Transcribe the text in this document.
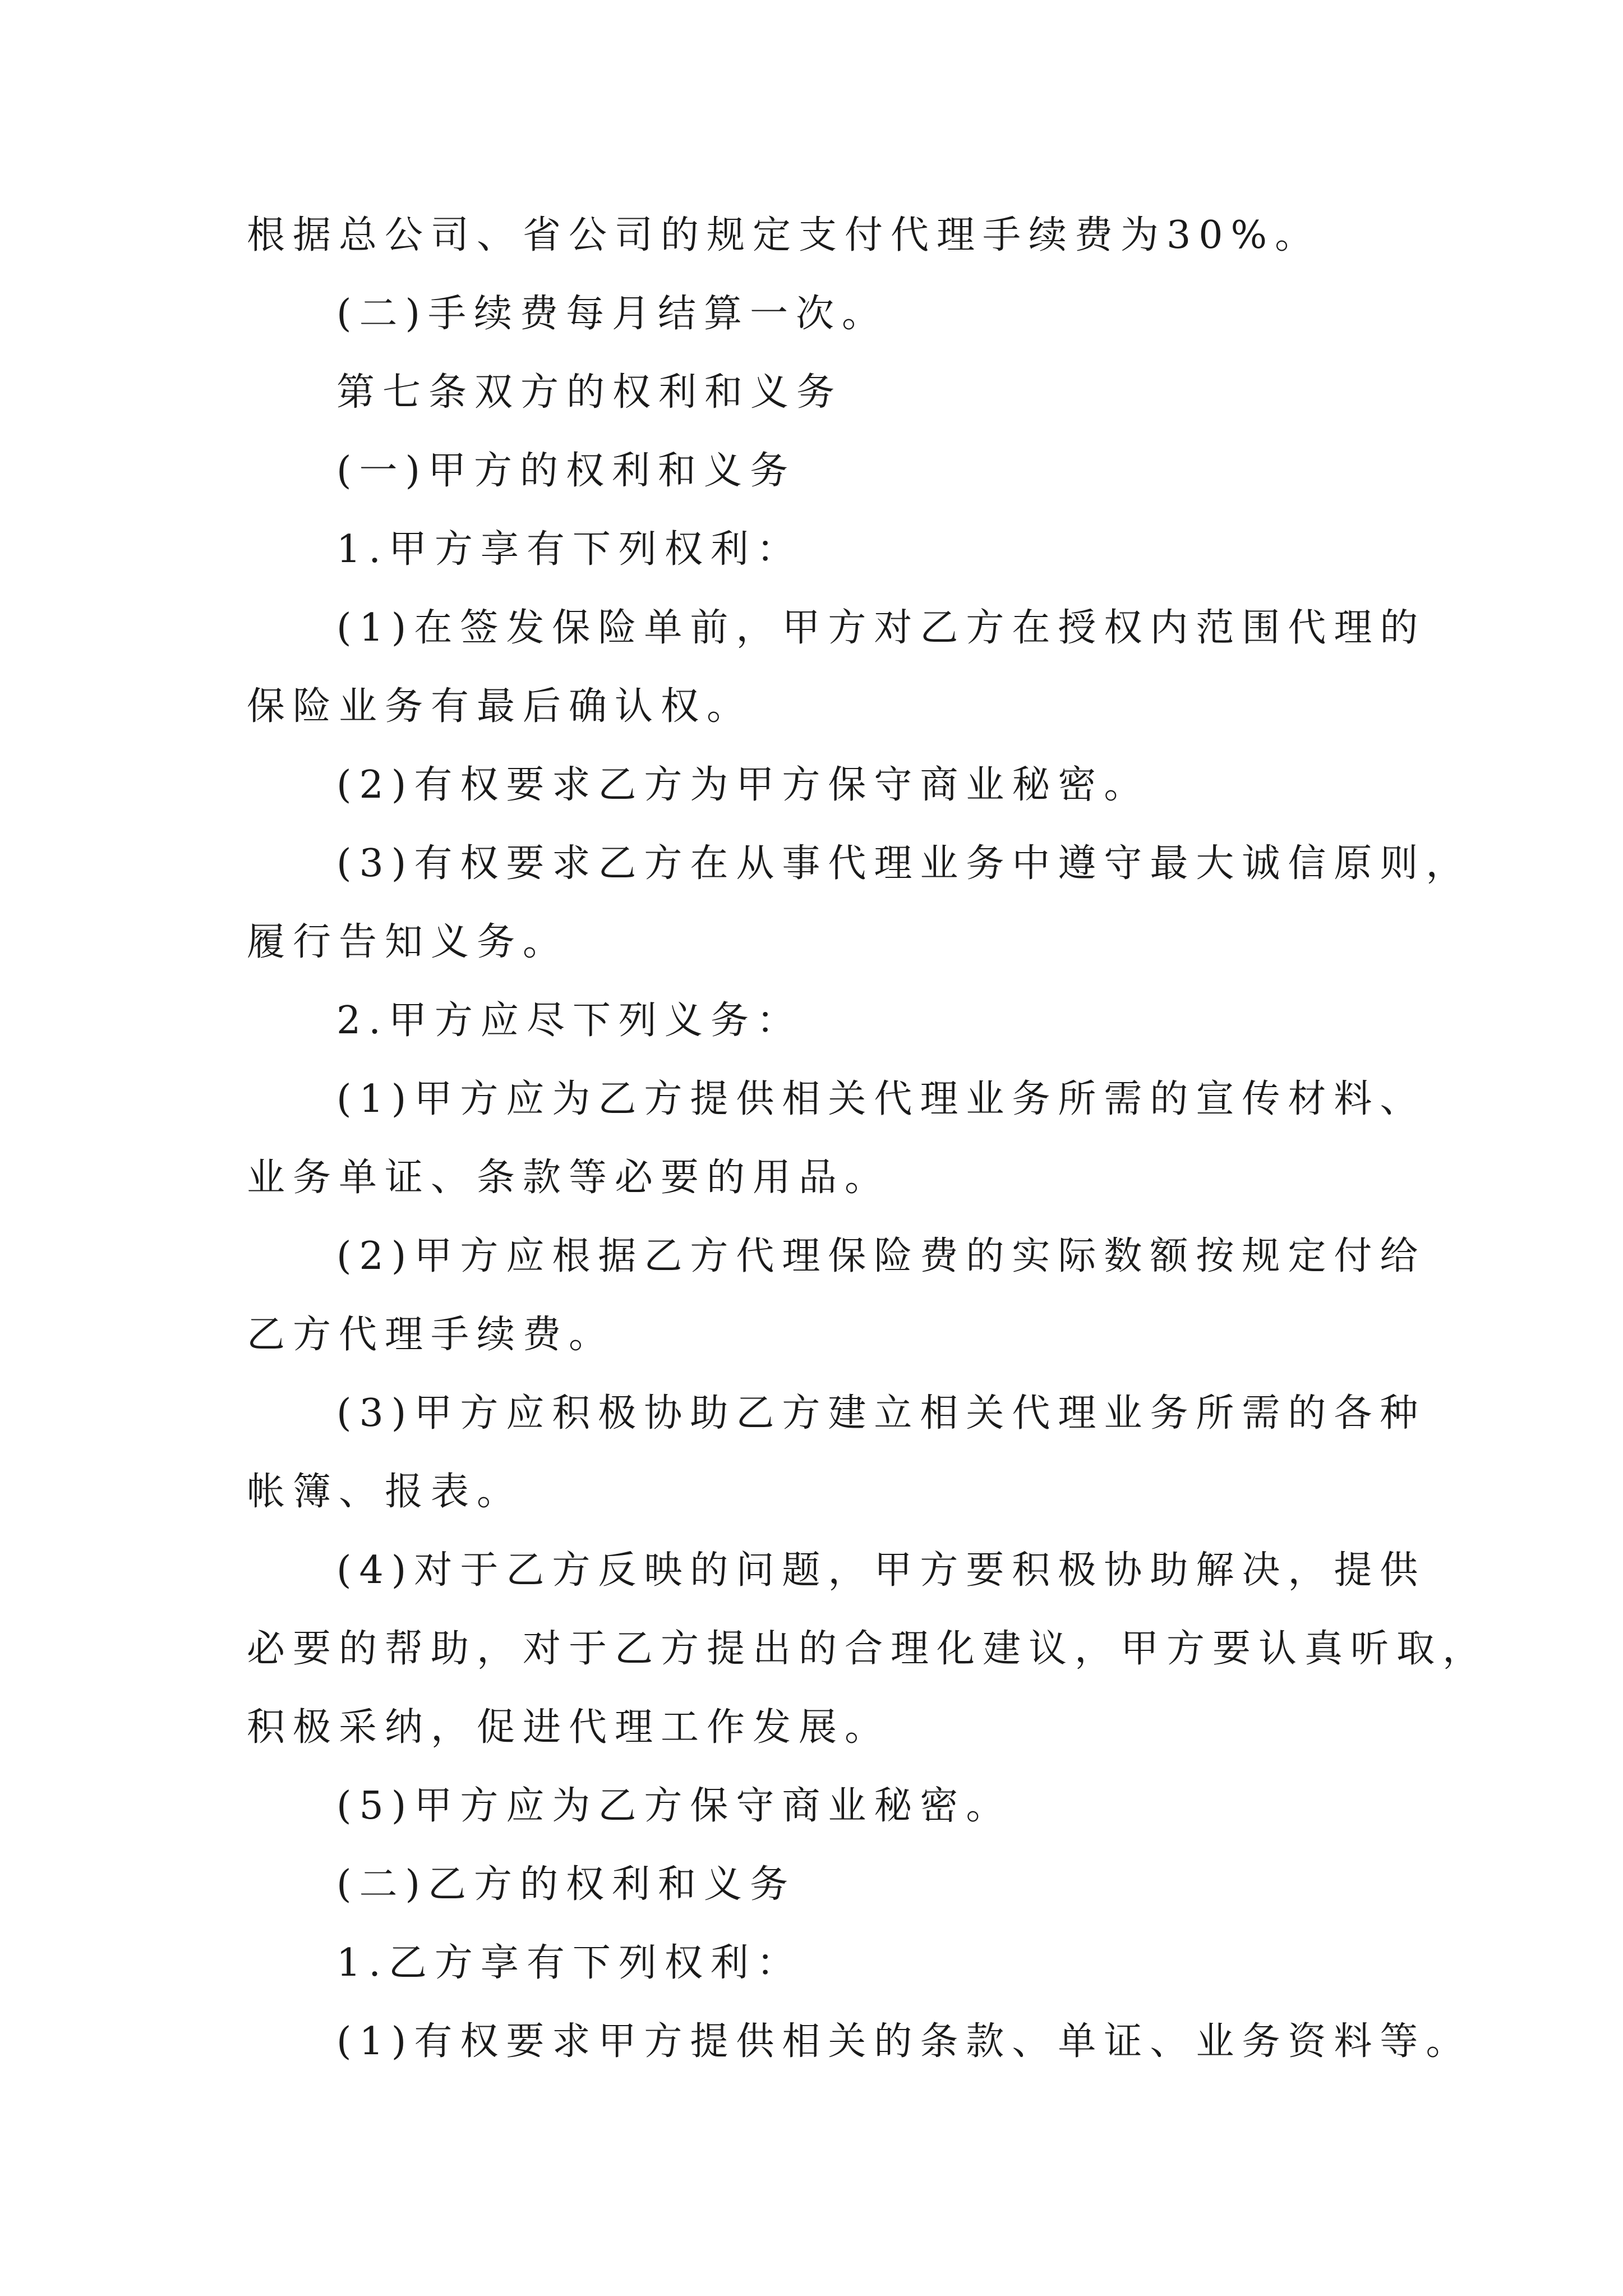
根据总公司、省公司的规定支付代理手续费为30%。
(二)手续费每月结算一次。
第七条双方的权利和义务
(一)甲方的权利和义务
1.甲方享有下列权利：
(1)在签发保险单前，甲方对乙方在授权内范围代理的
保险业务有最后确认权。
(2)有权要求乙方为甲方保守商业秘密。
(3)有权要求乙方在从事代理业务中遵守最大诚信原则，
履行告知义务。
2.甲方应尽下列义务：
(1)甲方应为乙方提供相关代理业务所需的宣传材料、
业务单证、条款等必要的用品。
(2)甲方应根据乙方代理保险费的实际数额按规定付给
乙方代理手续费。
(3)甲方应积极协助乙方建立相关代理业务所需的各种
帐簿、报表。
(4)对于乙方反映的问题，甲方要积极协助解决，提供
必要的帮助，对于乙方提出的合理化建议，甲方要认真听取，
积极采纳，促进代理工作发展。
(5)甲方应为乙方保守商业秘密。
(二)乙方的权利和义务
1.乙方享有下列权利：
(1)有权要求甲方提供相关的条款、单证、业务资料等。
